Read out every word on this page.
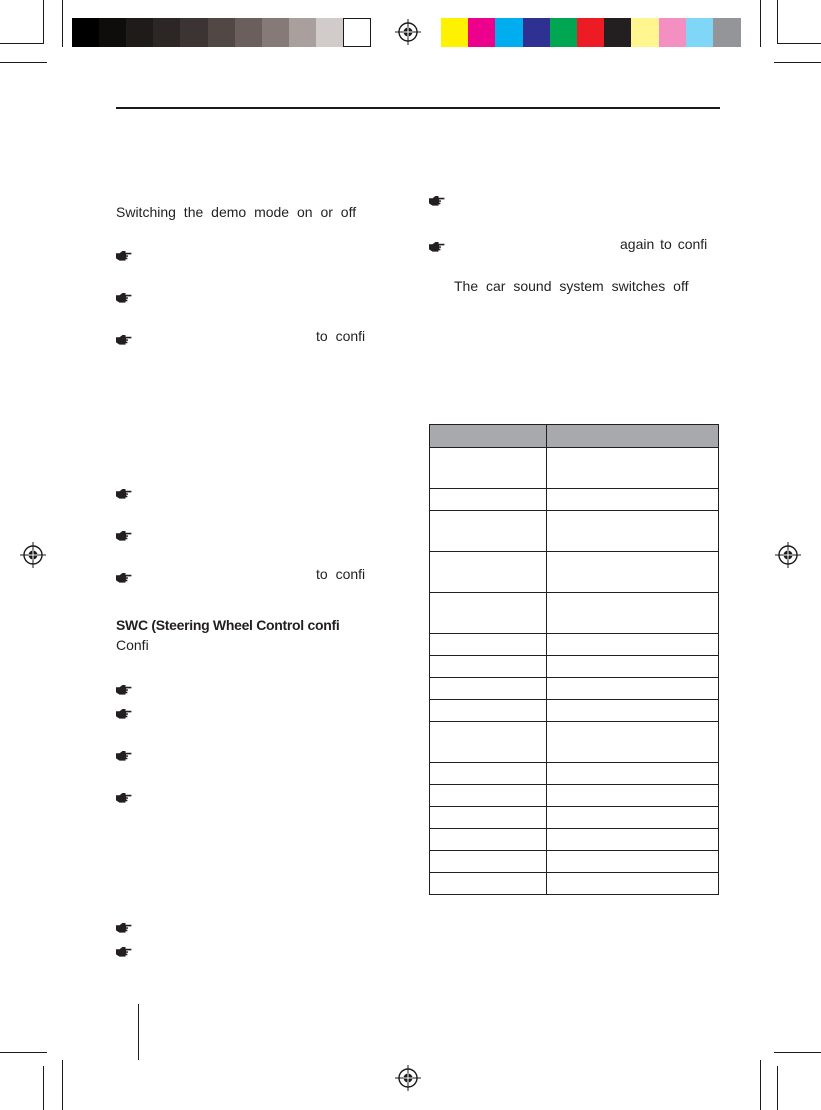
Switching the demo mode on or off
to confi
to confi
SWC (Steering Wheel Control confi
Confi
again to confi
The car sound system switches off
